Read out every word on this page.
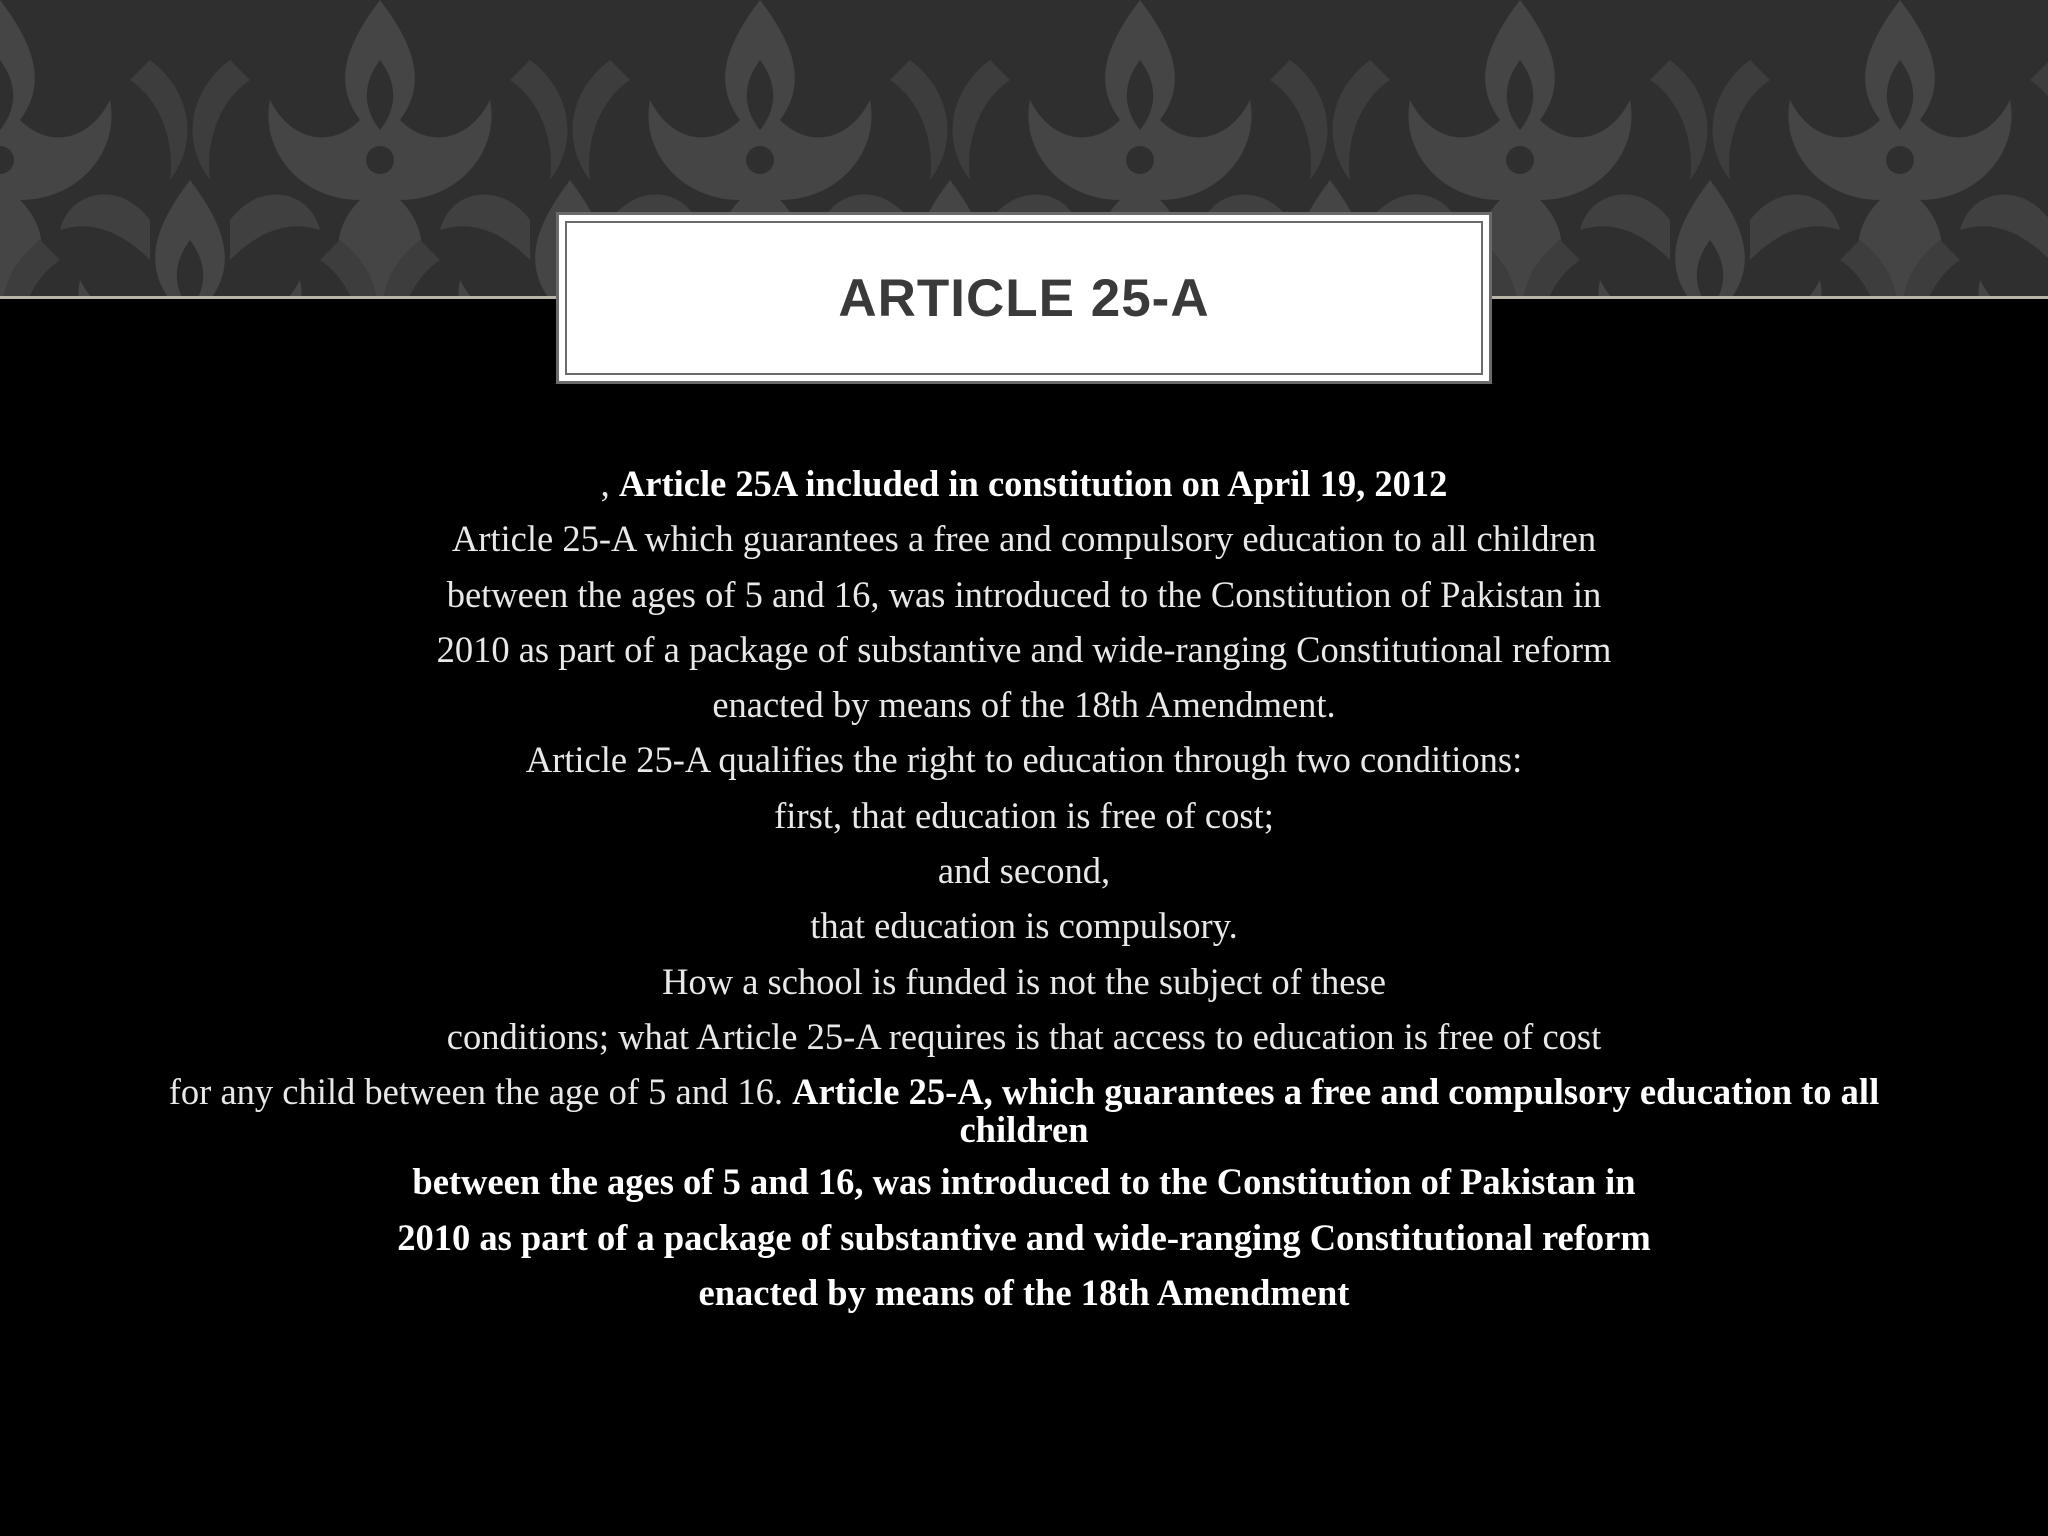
ARTICLE 25-A
, Article 25A included in constitution on April 19, 2012
Article 25-A which guarantees a free and compulsory education to all children
between the ages of 5 and 16, was introduced to the Constitution of Pakistan in
2010 as part of a package of substantive and wide-ranging Constitutional reform
enacted by means of the 18th Amendment.
Article 25-A qualifies the right to education through two conditions:
first, that education is free of cost;
and second,
that education is compulsory.
How a school is funded is not the subject of these
conditions; what Article 25-A requires is that access to education is free of cost
for any child between the age of 5 and 16. Article 25-A, which guarantees a free and compulsory education to all children
between the ages of 5 and 16, was introduced to the Constitution of Pakistan in
2010 as part of a package of substantive and wide-ranging Constitutional reform
enacted by means of the 18th Amendment
